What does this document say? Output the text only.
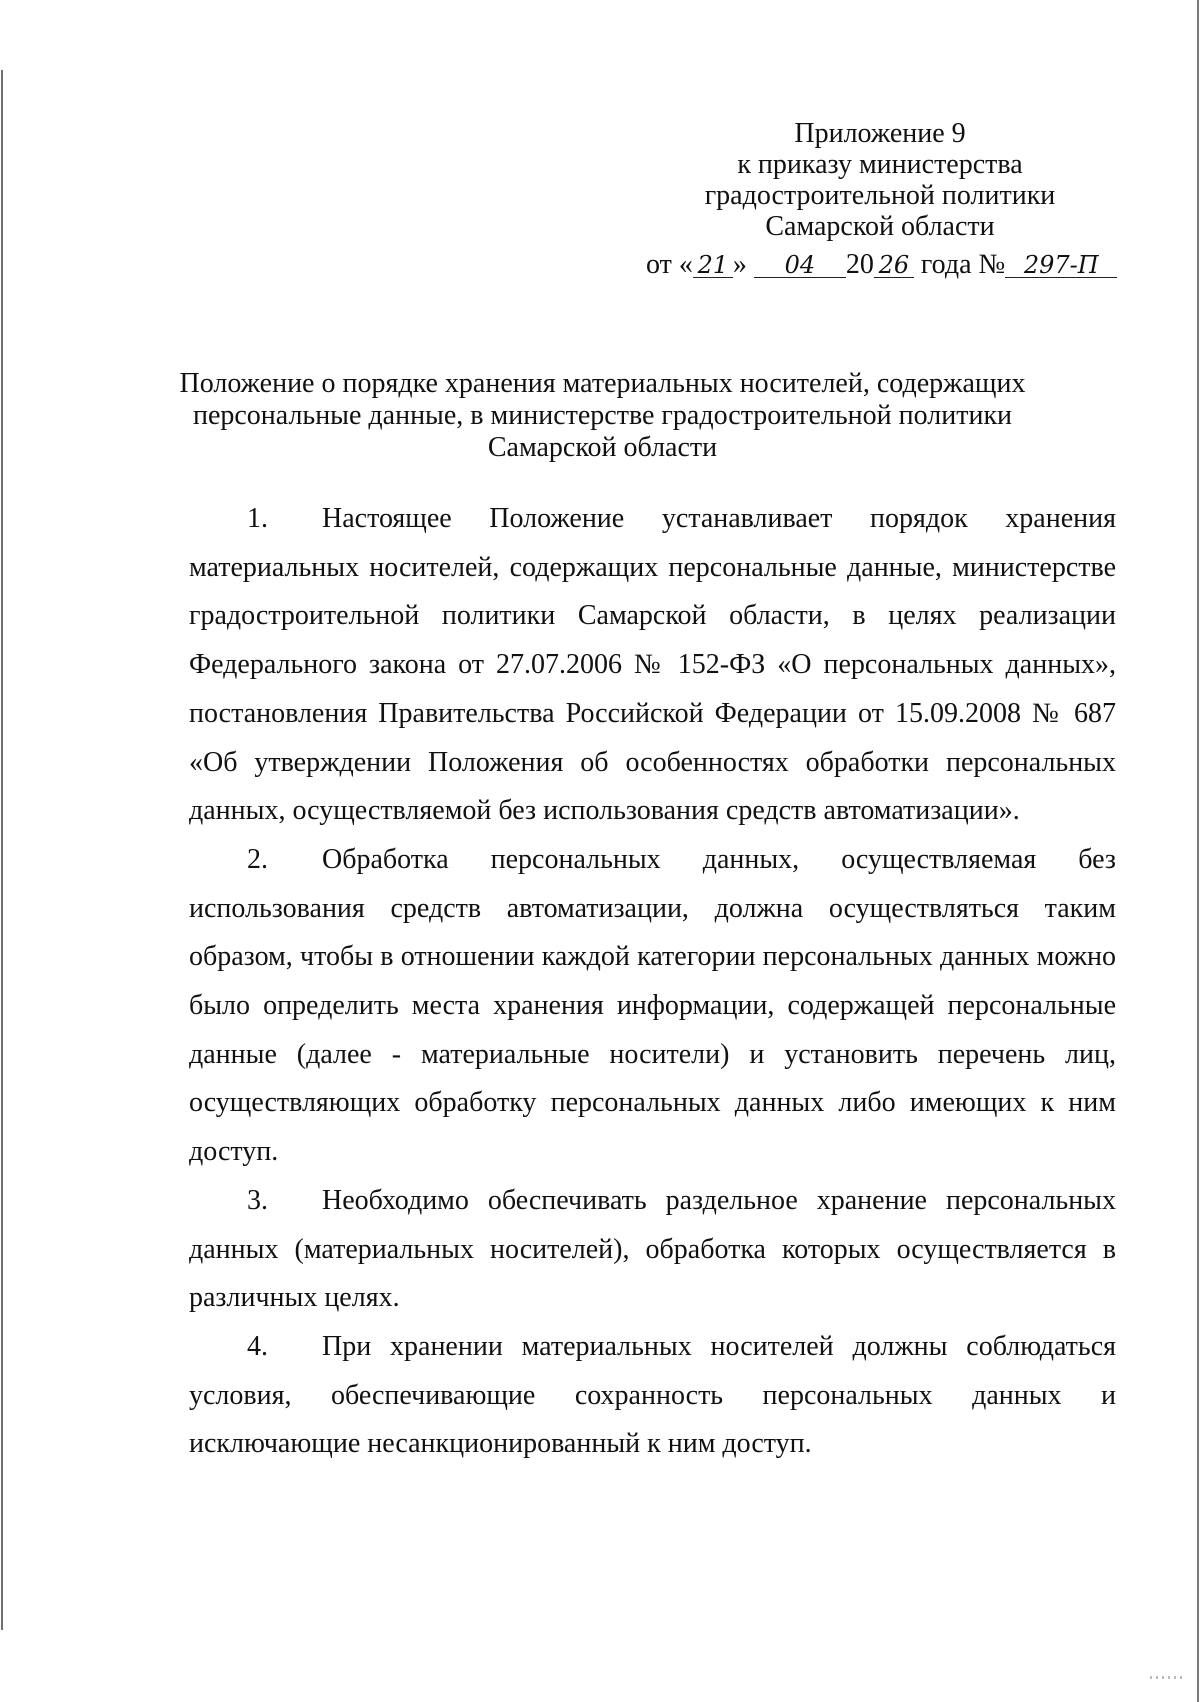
Приложение 9
к приказу министерства
градостроительной политики
Самарской области
от « 21 » 04 20 26 года № 297-П
Положение о порядке хранения материальных носителей, содержащих
персональные данные, в министерстве градостроительной политики
Самарской области

1. Настоящее Положение устанавливает порядок хранения материальных носителей, содержащих персональные данные, министерстве градостроительной политики Самарской области, в целях реализации Федерального закона от 27.07.2006 № 152-ФЗ «О персональных данных», постановления Правительства Российской Федерации от 15.09.2008 № 687 «Об утверждении Положения об особенностях обработки персональных данных, осуществляемой без использования средств автоматизации».

2. Обработка персональных данных, осуществляемая без использования средств автоматизации, должна осуществляться таким образом, чтобы в отношении каждой категории персональных данных можно было определить места хранения информации, содержащей персональные данные (далее - материальные носители) и установить перечень лиц, осуществляющих обработку персональных данных либо имеющих к ним доступ.

3. Необходимо обеспечивать раздельное хранение персональных данных (материальных носителей), обработка которых осуществляется в различных целях.

4. При хранении материальных носителей должны соблюдаться условия, обеспечивающие сохранность персональных данных и исключающие несанкционированный к ним доступ.
